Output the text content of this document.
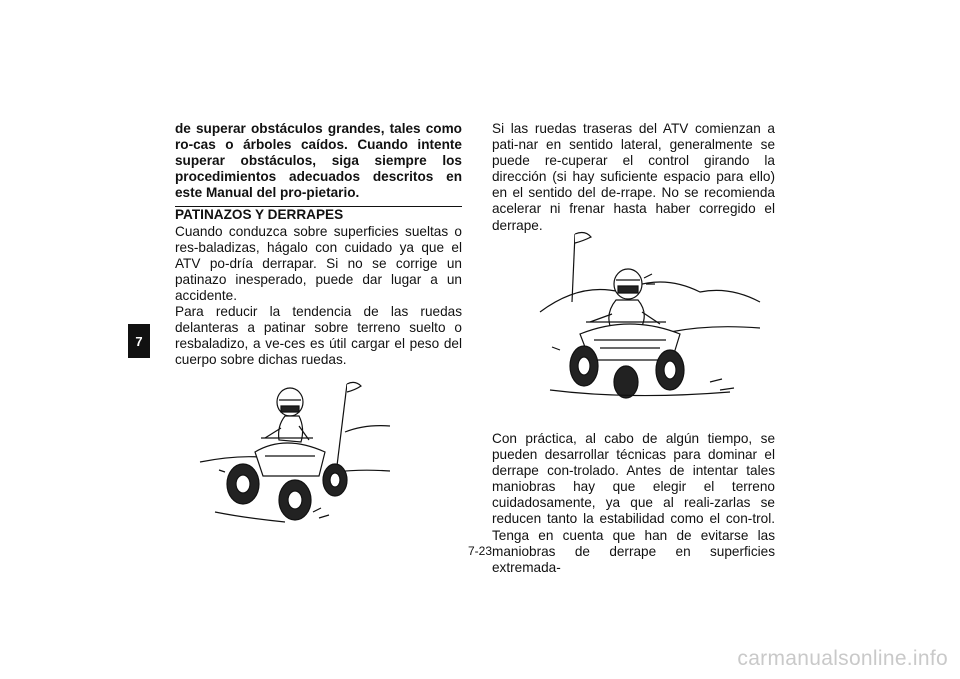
7

de superar obstáculos grandes, tales como ro-cas o árboles caídos. Cuando intente superar obstáculos, siga siempre los procedimientos adecuados descritos en este Manual del pro-pietario.

PATINAZOS Y DERRAPES

Cuando conduzca sobre superficies sueltas o res-baladizas, hágalo con cuidado ya que el ATV po-dría derrapar. Si no se corrige un patinazo inesperado, puede dar lugar a un accidente.

Para reducir la tendencia de las ruedas delanteras a patinar sobre terreno suelto o resbaladizo, a ve-ces es útil cargar el peso del cuerpo sobre dichas ruedas.

Si las ruedas traseras del ATV comienzan a pati-nar en sentido lateral, generalmente se puede re-cuperar el control girando la dirección (si hay suficiente espacio para ello) en el sentido del de-rrape. No se recomienda acelerar ni frenar hasta haber corregido el derrape.

Con práctica, al cabo de algún tiempo, se pueden desarrollar técnicas para dominar el derrape con-trolado. Antes de intentar tales maniobras hay que elegir el terreno cuidadosamente, ya que al reali-zarlas se reducen tanto la estabilidad como el con-trol. Tenga en cuenta que han de evitarse las maniobras de derrape en superficies extremada-

7-23
carmanualsonline.info
